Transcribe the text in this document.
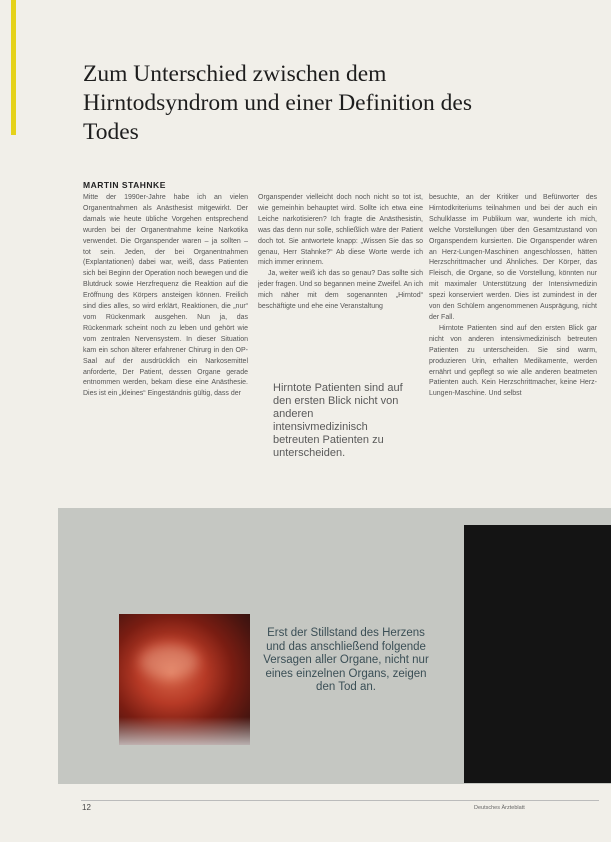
Zum Unterschied zwischen dem Hirntodsyndrom und einer Definition des Todes
MARTIN STAHNKE

Mitte der 1990er-Jahre habe ich an vielen Organentnahmen als Anästhesist mitgewirkt. Der damals wie heute übliche Vorgehen entsprechend wurden bei der Organentnahme keine Narkotika verwendet. Die Organspender waren – ja sollten – tot sein. Jeden, der bei Organentnahmen (Explantationen) dabei war, weiß, dass Patienten sich bei Beginn der Operation noch bewegen und die Blutdruck sowie Herzfrequenz die Reaktion auf die Eröffnung des Körpers ansteigen können. Freilich sind dies alles, so wird erklärt, Reaktionen, die „nur“ vom Rückenmark ausgehen. Nun ja, das Rückenmark scheint noch zu leben und gehört wie vom zentralen Nervensystem. In dieser Situation kam ein schon älterer erfahrener Chirurg in den OP-Saal auf der ausdrücklich ein Narkosemittel anforderte, Der Patient, dessen Organe gerade entnommen werden, bekam diese eine Anästhesie. Dies ist ein „kleines“ Eingeständnis gültig, dass der

Organspender vielleicht doch noch nicht so tot ist, wie gemeinhin behauptet wird. Sollte ich etwa eine Leiche narkotisieren? Ich fragte die Anästhesistin, was das denn nur solle, schließlich wäre der Patient doch tot. Sie antwortete knapp: „Wissen Sie das so genau, Herr Stahnke?“ Ab diese Worte werde ich mich immer erinnern.

Ja, weiter weiß ich das so genau? Das sollte sich jeder fragen. Und so begannen meine Zweifel. An ich mich näher mit dem sogenannten „Hirntod“ beschäftigte und ehe eine Veranstaltung

Hirntote Patienten sind auf den ersten Blick nicht von anderen intensivmedizinisch betreuten Patienten zu unterscheiden.

besuchte, an der Kritiker und Befürworter des Hirntodkriteriums teilnahmen und bei der auch ein Schulklasse im Publikum war, wunderte ich mich, welche Vorstellungen über den Gesamtzustand von Organspendern kursierten. Die Organspender wären an Herz-Lungen-Maschinen angeschlossen, hätten Herzschrittmacher und Ähnliches. Der Körper, das Fleisch, die Organe, so die Vorstellung, könnten nur mit maximaler Unterstützung der Intensivmedizin spezi konserviert werden. Dies ist zumindest in der von den Schülern angenommenen Ausprägung, nicht der Fall.

Hirntote Patienten sind auf den ersten Blick gar nicht von anderen intensivmedizinisch betreuten Patienten zu unterscheiden. Sie sind warm, produzieren Urin, erhalten Medikamente, werden ernährt und gepflegt so wie alle anderen beatmeten Patienten auch. Kein Herzschrittmacher, keine Herz-Lungen-Maschine. Und selbst

Erst der Stillstand des Herzens und das anschließend folgende Versagen aller Organe, nicht nur eines einzelnen Organs, zeigen den Tod an.
12	Deutsches Ärzteblatt
